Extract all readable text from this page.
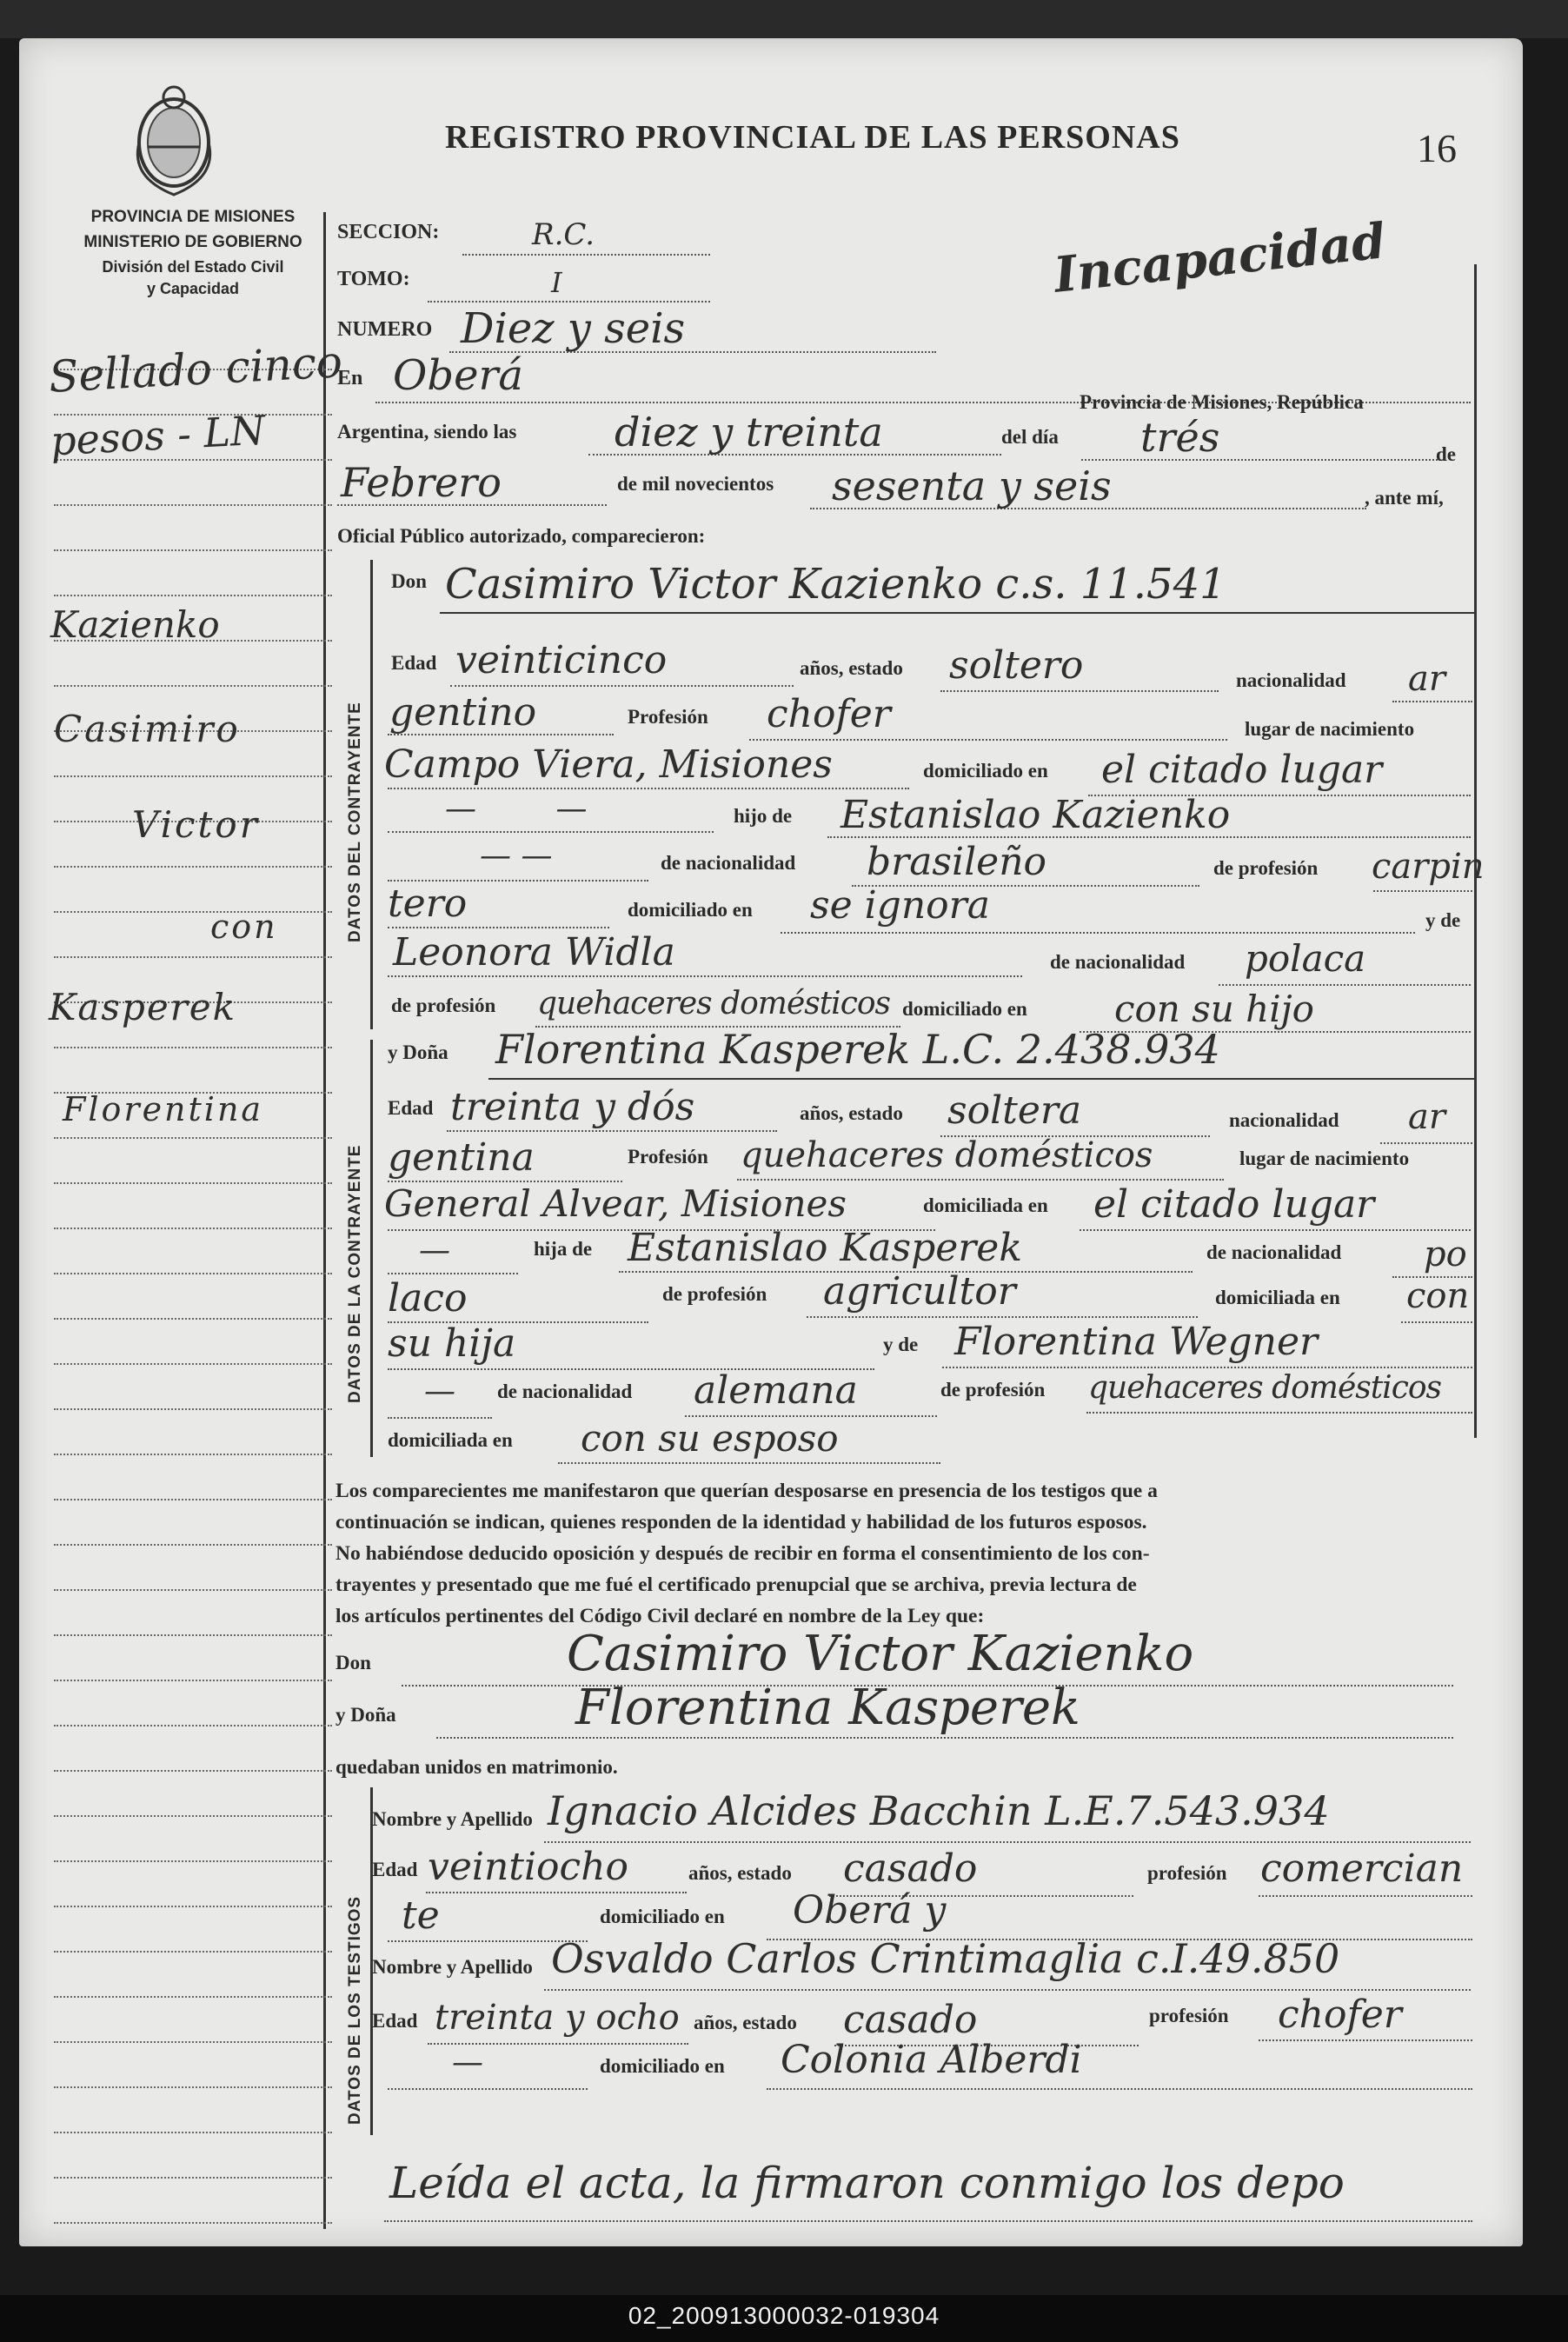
PROVINCIA DE MISIONES
MINISTERIO DE GOBIERNO
División del Estado Civil
y Capacidad
REGISTRO PROVINCIAL DE LAS PERSONAS	16
Incapacidad
Sellado cinco
pesos - LN
Kazienko
Casimiro
Victor
con
Kasperek
Florentina
SECCION:	R.C.
TOMO:	I
NUMERO Diez y seis
En Oberá
Provincia de Misiones, República
Argentina, siendo las diez y treinta	del día trés	de
Febrero	de mil novecientos sesenta y seis	, ante mí,
Oficial Público autorizado, comparecieron:
DATOS DEL CONTRAYENTE
Don Casimiro Victor Kazienko c.s. 11.541
Edad veinticinco	años, estado soltero	nacionalidad ar
gentino	Profesión chofer	lugar de nacimiento
Campo Viera, Misiones	domiciliado en el citado lugar
— —	hijo de Estanislao Kazienko
— —	de nacionalidad brasileño	de profesión carpin
tero	domiciliado en se ignora	y de
Leonora Widla	de nacionalidad polaca
de profesión quehaceres domésticos domiciliado en con su hijo
DATOS DE LA CONTRAYENTE
y Doña Florentina Kasperek L.C. 2.438.934
Edad treinta y dós	años, estado soltera	nacionalidad ar
gentina	Profesión quehaceres domésticos	lugar de nacimiento
General Alvear, Misiones	domiciliada en el citado lugar
—	hija de Estanislao Kasperek	de nacionalidad po
laco	de profesión agricultor	domiciliada en con
su hija	y de Florentina Wegner
— de nacionalidad alemana	de profesión quehaceres domésticos
domiciliada en con su esposo
Los comparecientes me manifestaron que querían desposarse en presencia de los testigos que a
continuación se indican, quienes responden de la identidad y habilidad de los futuros esposos.
No habiéndose deducido oposición y después de recibir en forma el consentimiento de los con-
trayentes y presentado que me fué el certificado prenupcial que se archiva, previa lectura de
los artículos pertinentes del Código Civil declaré en nombre de la Ley que:
Don	Casimiro Victor Kazienko
y Doña	Florentina Kasperek
quedaban unidos en matrimonio.
DATOS DE LOS TESTIGOS
Nombre y Apellido Ignacio Alcides Bacchin L.E.7.543.934
Edad veintiocho	años, estado casado	profesión comercian
te	domiciliado en Oberá y
Nombre y Apellido Osvaldo Carlos Crintimaglia c.I.49.850
Edad treinta y ocho años, estado casado	profesión chofer
—	domiciliado en Colonia Alberdi
Leída el acta, la firmaron conmigo los depo
02_200913000032-019304
